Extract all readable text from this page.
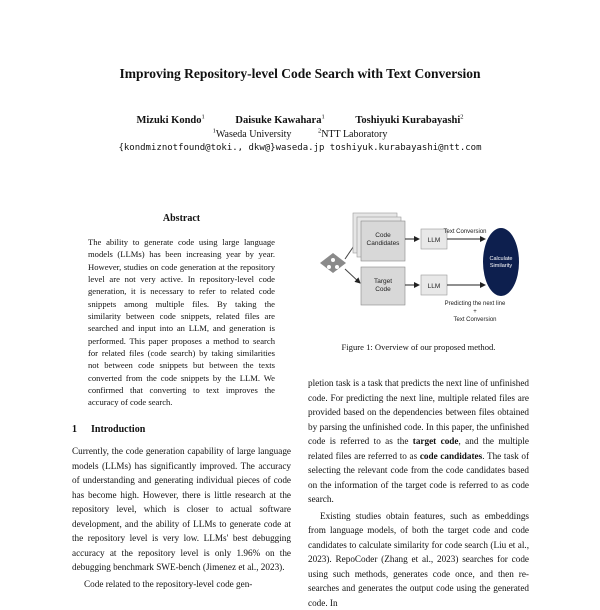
Improving Repository-level Code Search with Text Conversion
Mizuki Kondo$^1$	Daisuke Kawahara$^1$	Toshiyuki Kurabayashi$^2$
$^1$Waseda University	$^2$NTT Laboratory
{kondmiznotfound@toki., dkw@}waseda.jp toshiyuk.kurabayashi@ntt.com
Abstract
The ability to generate code using large language models (LLMs) has been increasing year by year. However, studies on code generation at the repository level are not very active. In repository-level code generation, it is necessary to refer to related code snippets among multiple files. By taking the similarity between code snippets, related files are searched and input into an LLM, and generation is performed. This paper proposes a method to search for related files (code search) by taking similarities not between code snippets but between the texts converted from the code snippets by the LLM. We confirmed that converting to text improves the accuracy of code search.
1 Introduction
Currently, the code generation capability of large language models (LLMs) has significantly improved. The accuracy of understanding and generating individual pieces of code has become high. However, there is little research at the repository level, which is closer to actual software development, and the ability of LLMs to generate code at the repository level is very low. LLMs' best debugging accuracy at the repository level is only 1.96% on the debugging benchmark SWE-bench (Jimenez et al., 2023).
Code related to the repository-level code gen-
Code
Candidates
Target
Code
LLM
LLM
Text Conversion
Calculate
Similarity
Predicting the next line
+
Text Conversion
Figure 1: Overview of our proposed method.

pletion task is a task that predicts the next line of unfinished code. For predicting the next line, multiple related files are provided based on the dependencies between files obtained by parsing the unfinished code. In this paper, the unfinished code is referred to as the target code, and the multiple related files are referred to as code candidates. The task of selecting the relevant code from the code candidates based on the information of the target code is referred to as code search.

Existing studies obtain features, such as embeddings from language models, of both the target code and code candidates to calculate similarity for code search (Liu et al., 2023). RepoCoder (Zhang et al., 2023) searches for code using such methods, generates code once, and then re-searches and generates the output code using the generated code. In
